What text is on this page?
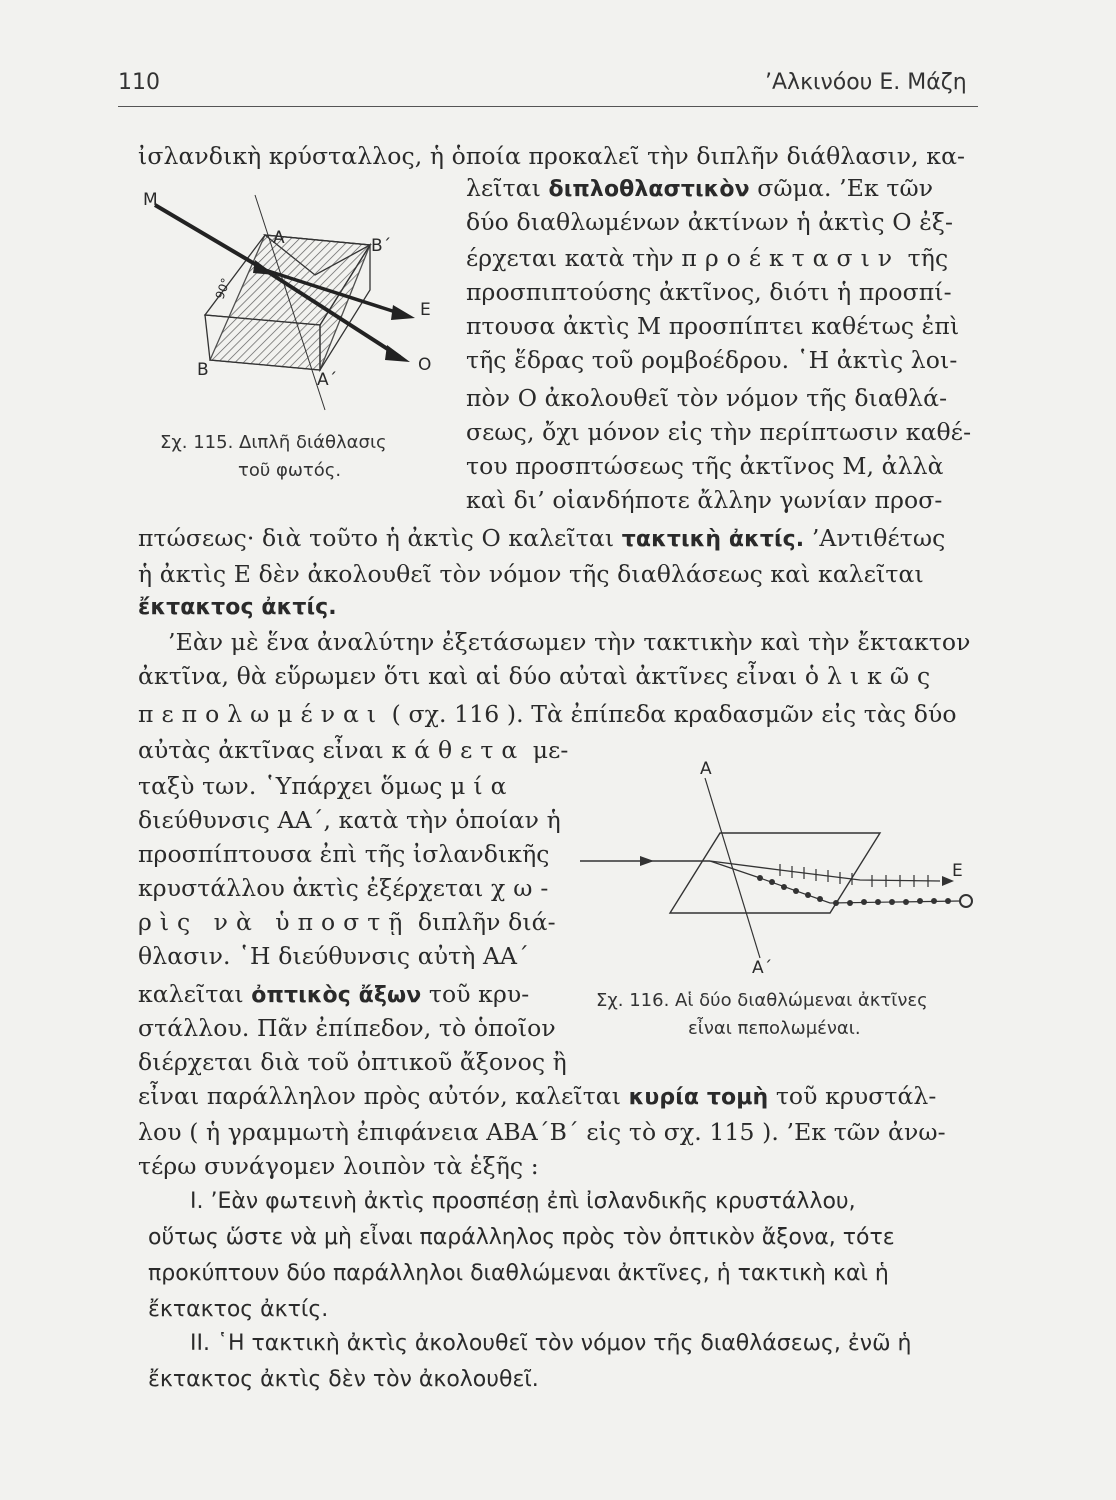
110	’Αλκινόου Ε. Μάζη
Μ
Α	Β΄
Ε
Β	Α΄
Ο
90°
Σχ. 115. Διπλῆ διάθλασις
τοῦ φωτός.
ἰσλανδικὴ κρύσταλλος, ἡ ὁποία προκαλεῖ τὴν διπλῆν διάθλασιν, κα-
λεῖται διπλοθλαστικὸν σῶμα. ’Εκ τῶν
δύο διαθλωμένων ἀκτίνων ἡ ἀκτὶς Ο ἐξ-
έρχεται κατὰ τὴν προέκτασιν τῆς
προσπιπτούσης ἀκτῖνος, διότι ἡ προσπί-
πτουσα ἀκτὶς Μ προσπίπτει καθέτως ἐπὶ
τῆς ἕδρας τοῦ ρομβοέδρου. ῾Η ἀκτὶς λοι-
πὸν Ο ἀκολουθεῖ τὸν νόμον τῆς διαθλά-
σεως, ὄχι μόνον εἰς τὴν περίπτωσιν καθέ-
του προσπτώσεως τῆς ἀκτῖνος Μ, ἀλλὰ
καὶ δι’ οἱανδήποτε ἄλλην γωνίαν προσ-
πτώσεως· διὰ τοῦτο ἡ ἀκτὶς Ο καλεῖται τακτικὴ ἀκτίς. ’Αντιθέτως
ἡ ἀκτὶς Ε δὲν ἀκολουθεῖ τὸν νόμον τῆς διαθλάσεως καὶ καλεῖται
ἔκτακτος ἀκτίς.
’Εὰν μὲ ἕνα ἀναλύτην ἐξετάσωμεν τὴν τακτικὴν καὶ τὴν ἔκτακτον
ἀκτῖνα, θὰ εὕρωμεν ὅτι καὶ αἱ δύο αὐταὶ ἀκτῖνες εἶναι ὁλικῶς
πεπολωμέναι ( σχ. 116 ). Τὰ ἐπίπεδα κραδασμῶν εἰς τὰς δύο
αὐτὰς ἀκτῖνας εἶναι κάθετα με-
ταξὺ των. ῾Υπάρχει ὅμως μία
διεύθυνσις ΑΑ΄, κατὰ τὴν ὁποίαν ἡ
προσπίπτουσα ἐπὶ τῆς ἰσλανδικῆς
κρυστάλλου ἀκτὶς ἐξέρχεται χω-
ρὶς νὰ ὑποστῇ διπλῆν διά-
θλασιν. ῾Η διεύθυνσις αὐτὴ ΑΑ΄
καλεῖται ὀπτικὸς ἄξων τοῦ κρυ-
στάλλου. Πᾶν ἐπίπεδον, τὸ ὁποῖον
διέρχεται διὰ τοῦ ὀπτικοῦ ἄξονος ἢ
εἶναι παράλληλον πρὸς αὐτόν, καλεῖται κυρία τομὴ τοῦ κρυστάλ-
λου ( ἡ γραμμωτὴ ἐπιφάνεια ΑΒΑ΄Β΄ εἰς τὸ σχ. 115 ). ’Εκ τῶν ἀνω-
τέρω συνάγομεν λοιπὸν τὰ ἑξῆς :
Α
Ε
Α΄
Σχ. 116. Αἱ δύο διαθλώμεναι ἀκτῖνες
εἶναι πεπολωμέναι.
Ι. ’Εὰν φωτεινὴ ἀκτὶς προσπέσῃ ἐπὶ ἰσλανδικῆς κρυστάλλου,
οὕτως ὥστε νὰ μὴ εἶναι παράλληλος πρὸς τὸν ὀπτικὸν ἄξονα, τότε
προκύπτουν δύο παράλληλοι διαθλώμεναι ἀκτῖνες, ἡ τακτικὴ καὶ ἡ
ἔκτακτος ἀκτίς.
ΙΙ. ῾Η τακτικὴ ἀκτὶς ἀκολουθεῖ τὸν νόμον τῆς διαθλάσεως, ἐνῶ ἡ
ἔκτακτος ἀκτὶς δὲν τὸν ἀκολουθεῖ.
